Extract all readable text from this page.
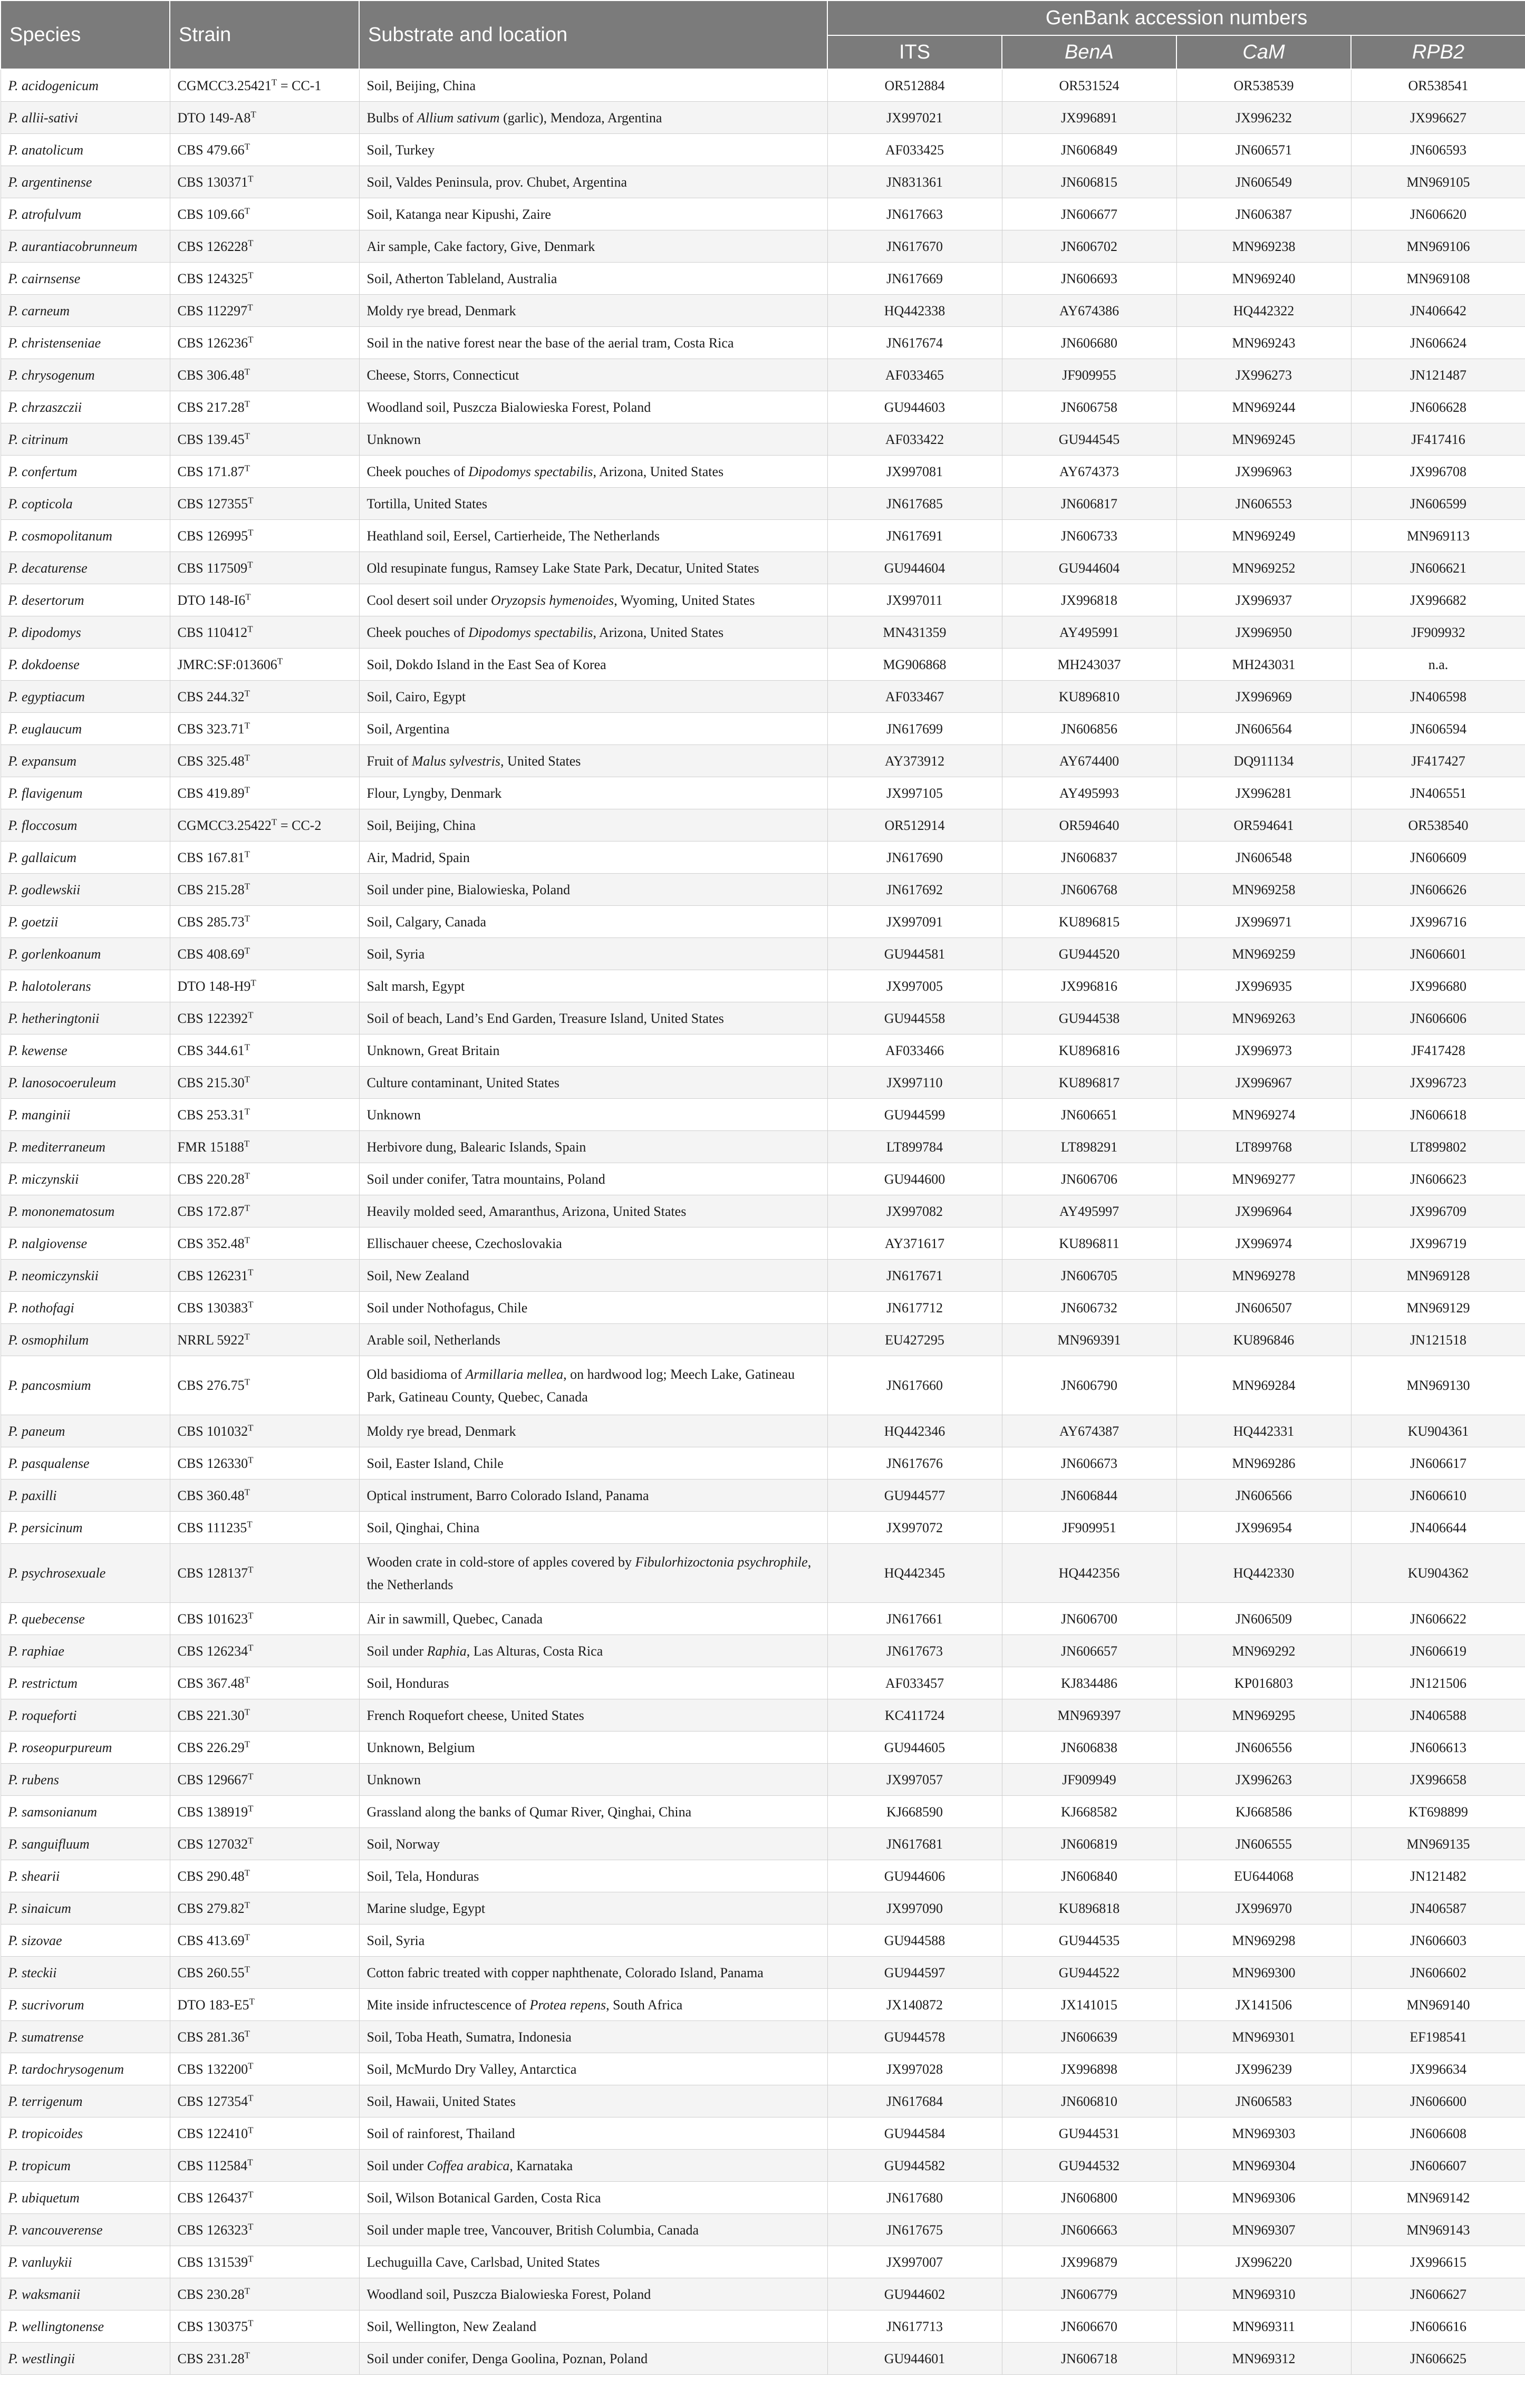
Species	Strain	Substrate and location	GenBank accession numbers			
			ITS	BenA	CaM	RPB2
P. acidogenicum	$CGMCC3.25421^T = CC-1$	Soil, Beijing, China	OR512884	OR531524	OR538539	OR538541
P. allii-sativi	DTO $149-A8^T$	Bulbs of Allium sativum (garlic), Mendoza, Argentina	JX997021	JX996891	JX996232	JX996627
P. anatolicum	CBS $479.66^T$	Soil, Turkey	AF033425	JN606849	JN606571	JN606593
P. argentinense	CBS $130371^T$	Soil, Valdes Peninsula, prov. Chubet, Argentina	JN831361	JN606815	JN606549	MN969105
P. atrofulvum	CBS $109.66^T$	Soil, Katanga near Kipushi, Zaire	JN617663	JN606677	JN606387	JN606620
P. aurantiacobrunneum	CBS $126228^T$	Air sample, Cake factory, Give, Denmark	JN617670	JN606702	MN969238	MN969106
P. cairnsense	CBS $124325^T$	Soil, Atherton Tableland, Australia	JN617669	JN606693	MN969240	MN969108
P. carneum	CBS $112297^T$	Moldy rye bread, Denmark	HQ442338	AY674386	HQ442322	JN406642
P. christenseniae	CBS $126236^T$	Soil in the native forest near the base of the aerial tram, Costa Rica	JN617674	JN606680	MN969243	JN606624
P. chrysogenum	CBS $306.48^T$	Cheese, Storrs, Connecticut	AF033465	JF909955	JX996273	JN121487
P. chrzaszczii	CBS $217.28^T$	Woodland soil, Puszcza Bialowieska Forest, Poland	GU944603	JN606758	MN969244	JN606628
P. citrinum	CBS $139.45^T$	Unknown	AF033422	GU944545	MN969245	JF417416
P. confertum	CBS $171.87^T$	Cheek pouches of Dipodomys spectabilis, Arizona, United States	JX997081	AY674373	JX996963	JX996708
P. copticola	CBS $127355^T$	Tortilla, United States	JN617685	JN606817	JN606553	JN606599
P. cosmopolitanum	CBS $126995^T$	Heathland soil, Eersel, Cartierheide, The Netherlands	JN617691	JN606733	MN969249	MN969113
P. decaturense	CBS $117509^T$	Old resupinate fungus, Ramsey Lake State Park, Decatur, United States	GU944604	GU944604	MN969252	JN606621
P. desertorum	DTO $148-I6^T$	Cool desert soil under Oryzopsis hymenoides, Wyoming, United States	JX997011	JX996818	JX996937	JX996682
P. dipodomys	CBS $110412^T$	Cheek pouches of Dipodomys spectabilis, Arizona, United States	MN431359	AY495991	JX996950	JF909932
P. dokdoense	$JMRC:SF:013606^T$	Soil, Dokdo Island in the East Sea of Korea	MG906868	MH243037	MH243031	n.a.
P. egyptiacum	CBS $244.32^T$	Soil, Cairo, Egypt	AF033467	KU896810	JX996969	JN406598
P. euglaucum	CBS $323.71^T$	Soil, Argentina	JN617699	JN606856	JN606564	JN606594
P. expansum	CBS $325.48^T$	Fruit of Malus sylvestris, United States	AY373912	AY674400	DQ911134	JF417427
P. flavigenum	CBS $419.89^T$	Flour, Lyngby, Denmark	JX997105	AY495993	JX996281	JN406551
P. floccosum	$CGMCC3.25422^T = CC-2$	Soil, Beijing, China	OR512914	OR594640	OR594641	OR538540
P. gallaicum	CBS $167.81^T$	Air, Madrid, Spain	JN617690	JN606837	JN606548	JN606609
P. godlewskii	CBS $215.28^T$	Soil under pine, Bialowieska, Poland	JN617692	JN606768	MN969258	JN606626
P. goetzii	CBS $285.73^T$	Soil, Calgary, Canada	JX997091	KU896815	JX996971	JX996716
P. gorlenkoanum	CBS $408.69^T$	Soil, Syria	GU944581	GU944520	MN969259	JN606601
P. halotolerans	DTO $148-H9^T$	Salt marsh, Egypt	JX997005	JX996816	JX996935	JX996680
P. hetheringtonii	CBS $122392^T$	Soil of beach, Land’s End Garden, Treasure Island, United States	GU944558	GU944538	MN969263	JN606606
P. kewense	CBS $344.61^T$	Unknown, Great Britain	AF033466	KU896816	JX996973	JF417428
P. lanosocoeruleum	CBS $215.30^T$	Culture contaminant, United States	JX997110	KU896817	JX996967	JX996723
P. manginii	CBS $253.31^T$	Unknown	GU944599	JN606651	MN969274	JN606618
P. mediterraneum	FMR $15188^T$	Herbivore dung, Balearic Islands, Spain	LT899784	LT898291	LT899768	LT899802
P. miczynskii	CBS $220.28^T$	Soil under conifer, Tatra mountains, Poland	GU944600	JN606706	MN969277	JN606623
P. mononematosum	CBS $172.87^T$	Heavily molded seed, Amaranthus, Arizona, United States	JX997082	AY495997	JX996964	JX996709
P. nalgiovense	CBS $352.48^T$	Ellischauer cheese, Czechoslovakia	AY371617	KU896811	JX996974	JX996719
P. neomiczynskii	CBS $126231^T$	Soil, New Zealand	JN617671	JN606705	MN969278	MN969128
P. nothofagi	CBS $130383^T$	Soil under Nothofagus, Chile	JN617712	JN606732	JN606507	MN969129
P. osmophilum	NRRL $5922^T$	Arable soil, Netherlands	EU427295	MN969391	KU896846	JN121518
P. pancosmium	CBS $276.75^T$	Old basidioma of Armillaria mellea, on hardwood log; Meech Lake, Gatineau Park, Gatineau County, Quebec, Canada	JN617660	JN606790	MN969284	MN969130
P. paneum	CBS $101032^T$	Moldy rye bread, Denmark	HQ442346	AY674387	HQ442331	KU904361
P. pasqualense	CBS $126330^T$	Soil, Easter Island, Chile	JN617676	JN606673	MN969286	JN606617
P. paxilli	CBS $360.48^T$	Optical instrument, Barro Colorado Island, Panama	GU944577	JN606844	JN606566	JN606610
P. persicinum	CBS $111235^T$	Soil, Qinghai, China	JX997072	JF909951	JX996954	JN406644
P. psychrosexuale	CBS $128137^T$	Wooden crate in cold-store of apples covered by Fibulorhizoctonia psychrophile, the Netherlands	HQ442345	HQ442356	HQ442330	KU904362
P. quebecense	CBS $101623^T$	Air in sawmill, Quebec, Canada	JN617661	JN606700	JN606509	JN606622
P. raphiae	CBS $126234^T$	Soil under Raphia, Las Alturas, Costa Rica	JN617673	JN606657	MN969292	JN606619
P. restrictum	CBS $367.48^T$	Soil, Honduras	AF033457	KJ834486	KP016803	JN121506
P. roqueforti	CBS $221.30^T$	French Roquefort cheese, United States	KC411724	MN969397	MN969295	JN406588
P. roseopurpureum	CBS $226.29^T$	Unknown, Belgium	GU944605	JN606838	JN606556	JN606613
P. rubens	CBS $129667^T$	Unknown	JX997057	JF909949	JX996263	JX996658
P. samsonianum	CBS $138919^T$	Grassland along the banks of Qumar River, Qinghai, China	KJ668590	KJ668582	KJ668586	KT698899
P. sanguifluum	CBS $127032^T$	Soil, Norway	JN617681	JN606819	JN606555	MN969135
P. shearii	CBS $290.48^T$	Soil, Tela, Honduras	GU944606	JN606840	EU644068	JN121482
P. sinaicum	CBS $279.82^T$	Marine sludge, Egypt	JX997090	KU896818	JX996970	JN406587
P. sizovae	CBS $413.69^T$	Soil, Syria	GU944588	GU944535	MN969298	JN606603
P. steckii	CBS $260.55^T$	Cotton fabric treated with copper naphthenate, Colorado Island, Panama	GU944597	GU944522	MN969300	JN606602
P. sucrivorum	DTO $183-E5^T$	Mite inside infructescence of Protea repens, South Africa	JX140872	JX141015	JX141506	MN969140
P. sumatrense	CBS $281.36^T$	Soil, Toba Heath, Sumatra, Indonesia	GU944578	JN606639	MN969301	EF198541
P. tardochrysogenum	CBS $132200^T$	Soil, McMurdo Dry Valley, Antarctica	JX997028	JX996898	JX996239	JX996634
P. terrigenum	CBS $127354^T$	Soil, Hawaii, United States	JN617684	JN606810	JN606583	JN606600
P. tropicoides	CBS $122410^T$	Soil of rainforest, Thailand	GU944584	GU944531	MN969303	JN606608
P. tropicum	CBS $112584^T$	Soil under Coffea arabica, Karnataka	GU944582	GU944532	MN969304	JN606607
P. ubiquetum	CBS $126437^T$	Soil, Wilson Botanical Garden, Costa Rica	JN617680	JN606800	MN969306	MN969142
P. vancouverense	CBS $126323^T$	Soil under maple tree, Vancouver, British Columbia, Canada	JN617675	JN606663	MN969307	MN969143
P. vanluykii	CBS $131539^T$	Lechuguilla Cave, Carlsbad, United States	JX997007	JX996879	JX996220	JX996615
P. waksmanii	CBS $230.28^T$	Woodland soil, Puszcza Bialowieska Forest, Poland	GU944602	JN606779	MN969310	JN606627
P. wellingtonense	CBS $130375^T$	Soil, Wellington, New Zealand	JN617713	JN606670	MN969311	JN606616
P. westlingii	CBS $231.28^T$	Soil under conifer, Denga Goolina, Poznan, Poland	GU944601	JN606718	MN969312	JN606625
